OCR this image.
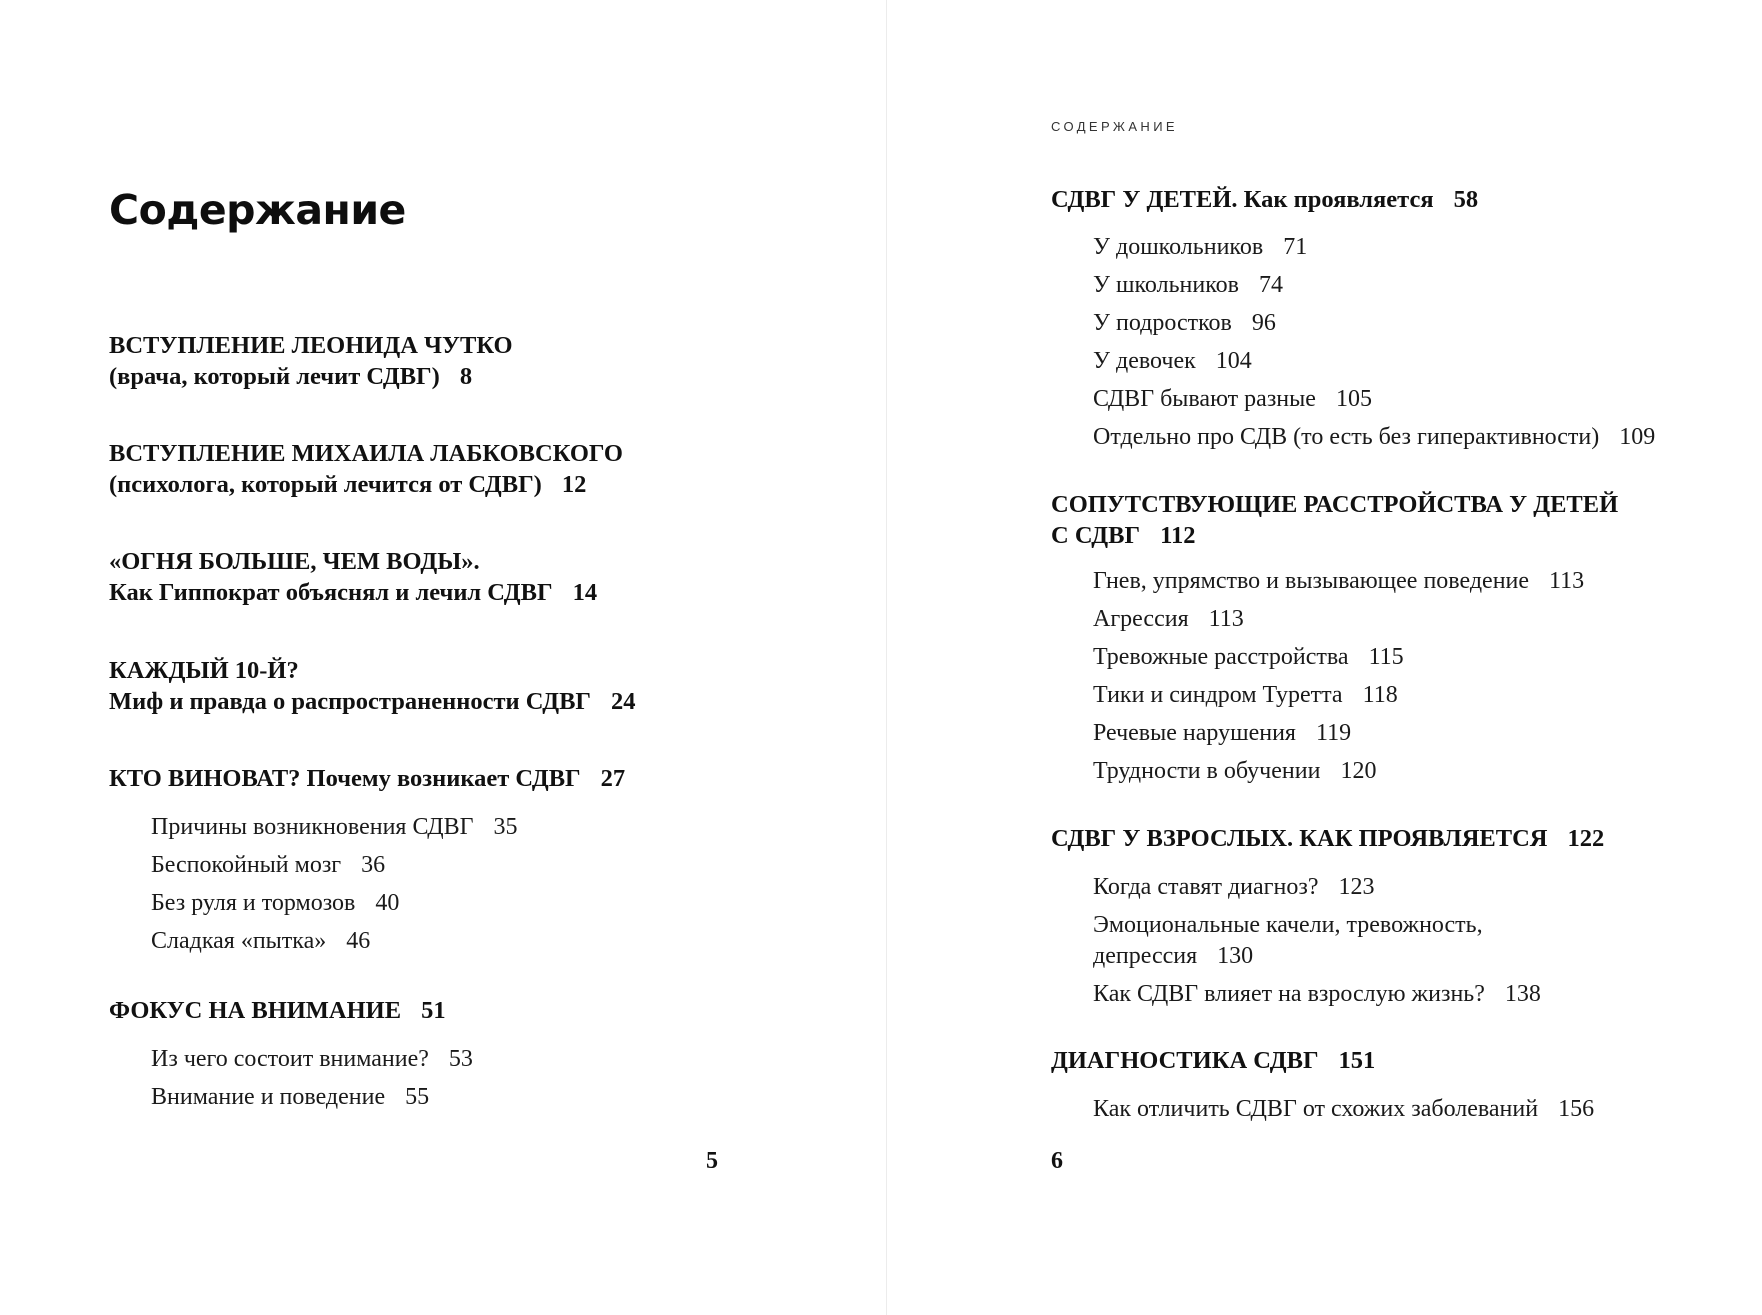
Содержание

ВСТУПЛЕНИЕ ЛЕОНИДА ЧУТКО
(врача, который лечит СДВГ) 8

ВСТУПЛЕНИЕ МИХАИЛА ЛАБКОВСКОГО
(психолога, который лечится от СДВГ) 12

«ОГНЯ БОЛЬШЕ, ЧЕМ ВОДЫ».
Как Гиппократ объяснял и лечил СДВГ 14

КАЖДЫЙ 10-Й?
Миф и правда о распространенности СДВГ 24

КТО ВИНОВАТ? Почему возникает СДВГ 27

Причины возникновения СДВГ 35

Беспокойный мозг 36

Без руля и тормозов 40

Сладкая «пытка» 46

ФОКУС НА ВНИМАНИЕ 51

Из чего состоит внимание? 53

Внимание и поведение 55

5

СОДЕРЖАНИЕ

СДВГ У ДЕТЕЙ. Как проявляется 58

У дошкольников 71

У школьников 74

У подростков 96

У девочек 104

СДВГ бывают разные 105

Отдельно про СДВ (то есть без гиперактивности) 109

СОПУТСТВУЮЩИЕ РАССТРОЙСТВА У ДЕТЕЙ
С СДВГ 112

Гнев, упрямство и вызывающее поведение 113

Агрессия 113

Тревожные расстройства 115

Тики и синдром Туретта 118

Речевые нарушения 119

Трудности в обучении 120

СДВГ У ВЗРОСЛЫХ. КАК ПРОЯВЛЯЕТСЯ 122

Когда ставят диагноз? 123

Эмоциональные качели, тревожность,
депрессия 130

Как СДВГ влияет на взрослую жизнь? 138

ДИАГНОСТИКА СДВГ 151

Как отличить СДВГ от схожих заболеваний 156

6
